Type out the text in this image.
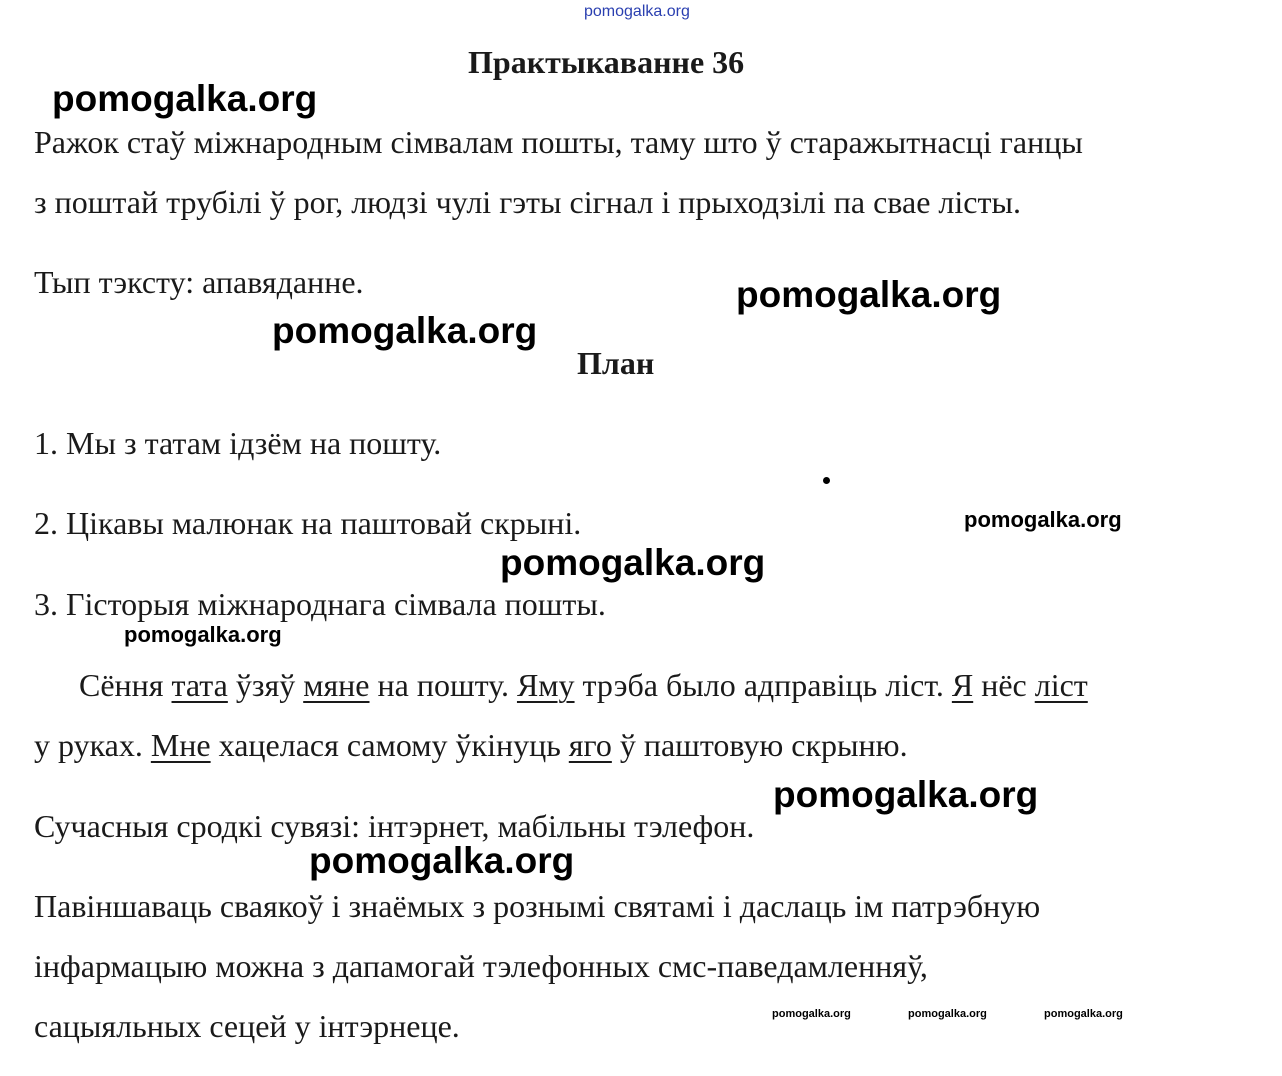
pomogalka.org
Практыкаванне 36
Ражок стаў міжнародным сімвалам пошты, таму што ў старажытнасці ганцы
з поштай трубілі ў рог, людзі чулі гэты сігнал і прыходзілі па свае лісты.
Тып тэксту: апавяданне.
План
1. Мы з татам ідзём на пошту.
2. Цікавы малюнак на паштовай скрыні.
3. Гісторыя міжнароднага сімвала пошты.
Сёння тата ўзяў мяне на пошту. Яму трэба было адправіць ліст. Я нёс ліст
у руках. Мне хацелася самому ўкінуць яго ў паштовую скрыню.
Сучасныя сродкі сувязі: інтэрнет, мабільны тэлефон.
Павіншаваць сваякоў і знаёмых з рознымі святамі і даслаць ім патрэбную
інфармацыю можна з дапамогай тэлефонных смс-паведамленняў,
сацыяльных сецей у інтэрнеце.
pomogalka.org
pomogalka.org
pomogalka.org
pomogalka.org
pomogalka.org
pomogalka.org
pomogalka.org
pomogalka.org
pomogalka.org	pomogalka.org	pomogalka.org
